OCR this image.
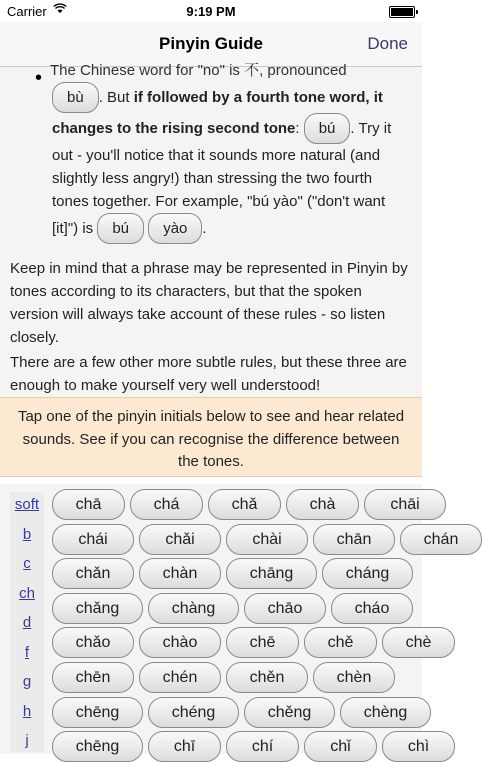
Carrier	9:19 PM
Pinyin Guide	Done
• The Chinese word for "no" is 不, pronounced
bù . But if followed by a fourth tone word, it changes to the rising second tone: bú . Try it out - you'll notice that it sounds more natural (and slightly less angry!) than stressing the two fourth tones together. For example, "bú yào" ("don't want [it]") is bú yào .
Keep in mind that a phrase may be represented in Pinyin by tones according to its characters, but that the spoken version will always take account of these rules - so listen closely.
There are a few other more subtle rules, but these three are enough to make yourself very well understood!
Tap one of the pinyin initials below to see and hear related sounds. See if you can recognise the difference between the tones.
soft
b
c
ch
d
f
g
h
j
chā	chá	chǎ	chà	chāi
chái	chǎi	chài	chān	chán
chǎn	chàn	chāng	cháng
chǎng	chàng	chāo	cháo
chǎo	chào	chē	chě	chè
chēn	chén	chěn	chèn
chēng	chéng	chěng	chèng
chēng	chī	chí	chǐ	chì
